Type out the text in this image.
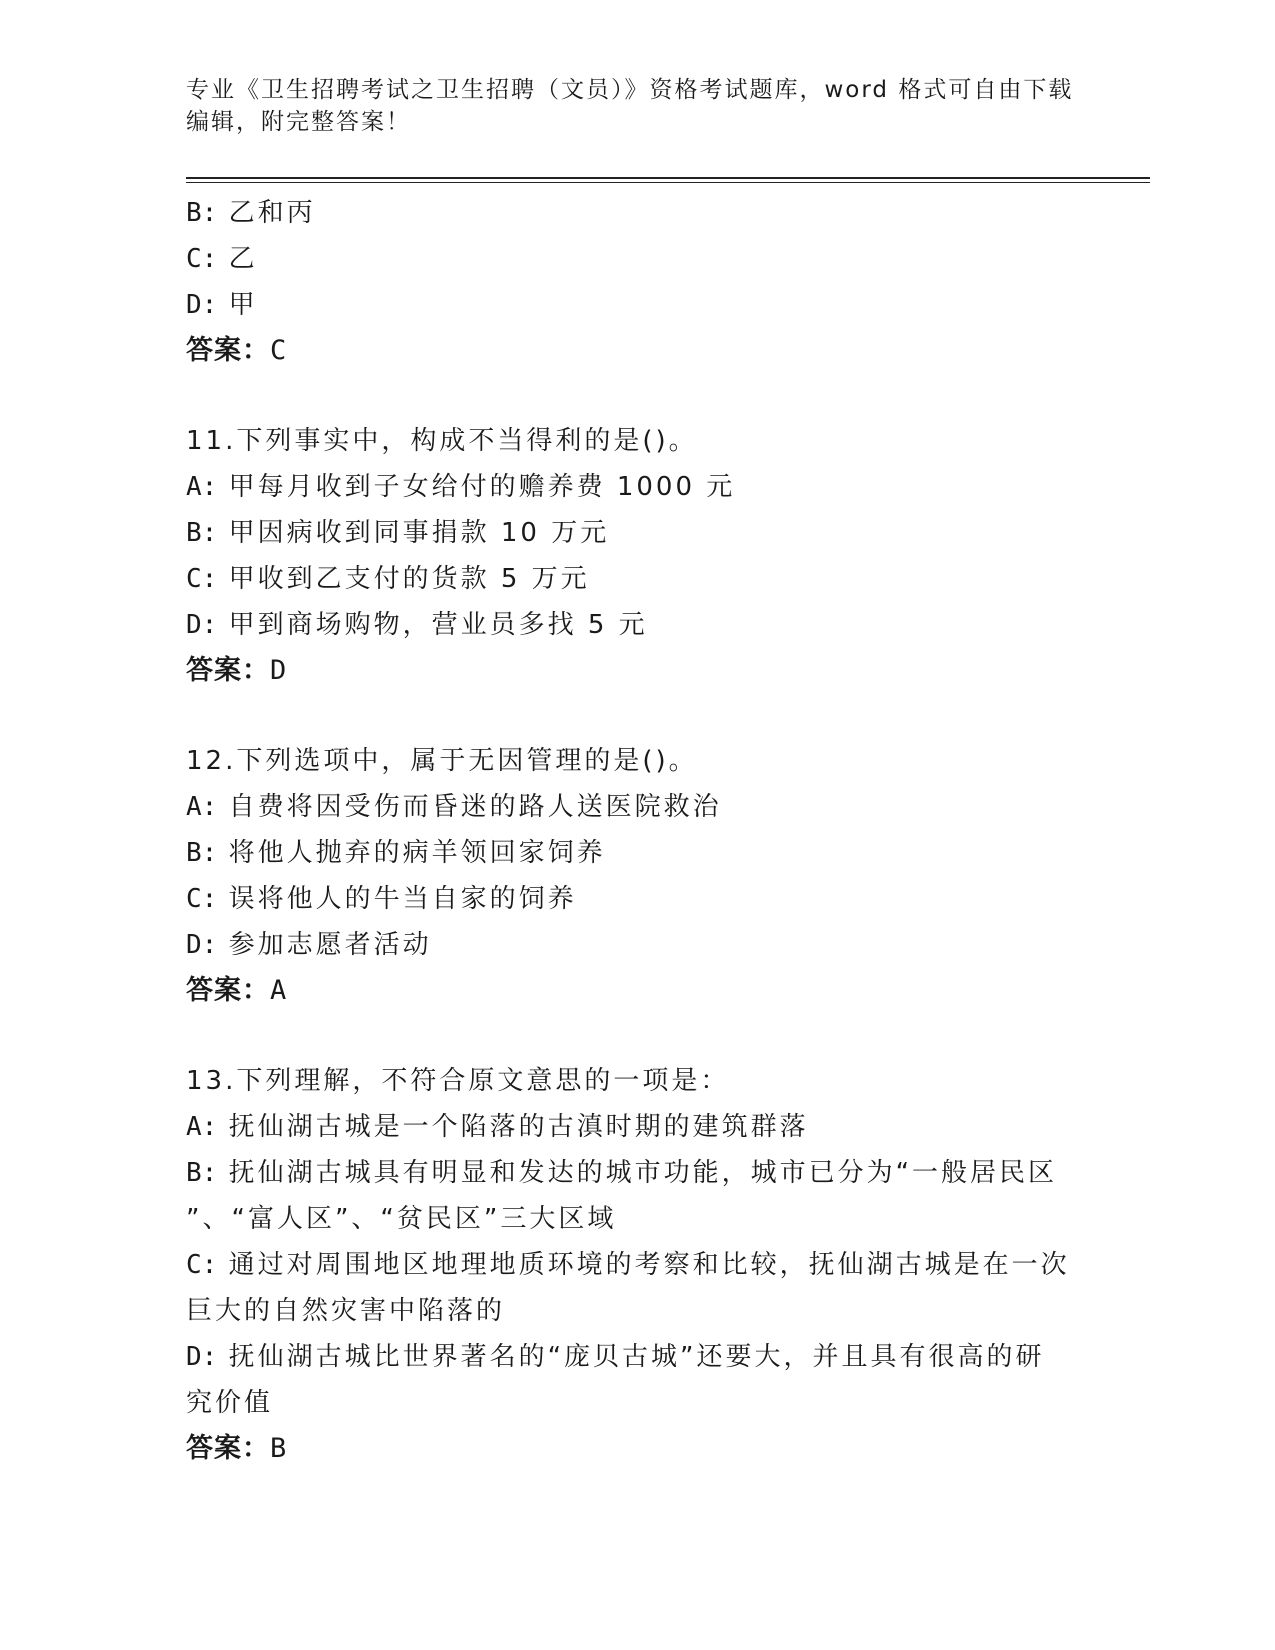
专业《卫生招聘考试之卫生招聘（文员）》资格考试题库，word 格式可自由下载
编辑，附完整答案！
B: 乙和丙
C: 乙
D: 甲
答案：C
11.下列事实中，构成不当得利的是()。
A: 甲每月收到子女给付的赡养费 1000 元
B: 甲因病收到同事捐款 10 万元
C: 甲收到乙支付的货款 5 万元
D: 甲到商场购物，营业员多找 5 元
答案：D
12.下列选项中，属于无因管理的是()。
A: 自费将因受伤而昏迷的路人送医院救治
B: 将他人抛弃的病羊领回家饲养
C: 误将他人的牛当自家的饲养
D: 参加志愿者活动
答案：A
13.下列理解，不符合原文意思的一项是：
A: 抚仙湖古城是一个陷落的古滇时期的建筑群落
B: 抚仙湖古城具有明显和发达的城市功能，城市已分为“一般居民区
”、“富人区”、“贫民区”三大区域
C: 通过对周围地区地理地质环境的考察和比较，抚仙湖古城是在一次
巨大的自然灾害中陷落的
D: 抚仙湖古城比世界著名的“庞贝古城”还要大，并且具有很高的研
究价值
答案：B
